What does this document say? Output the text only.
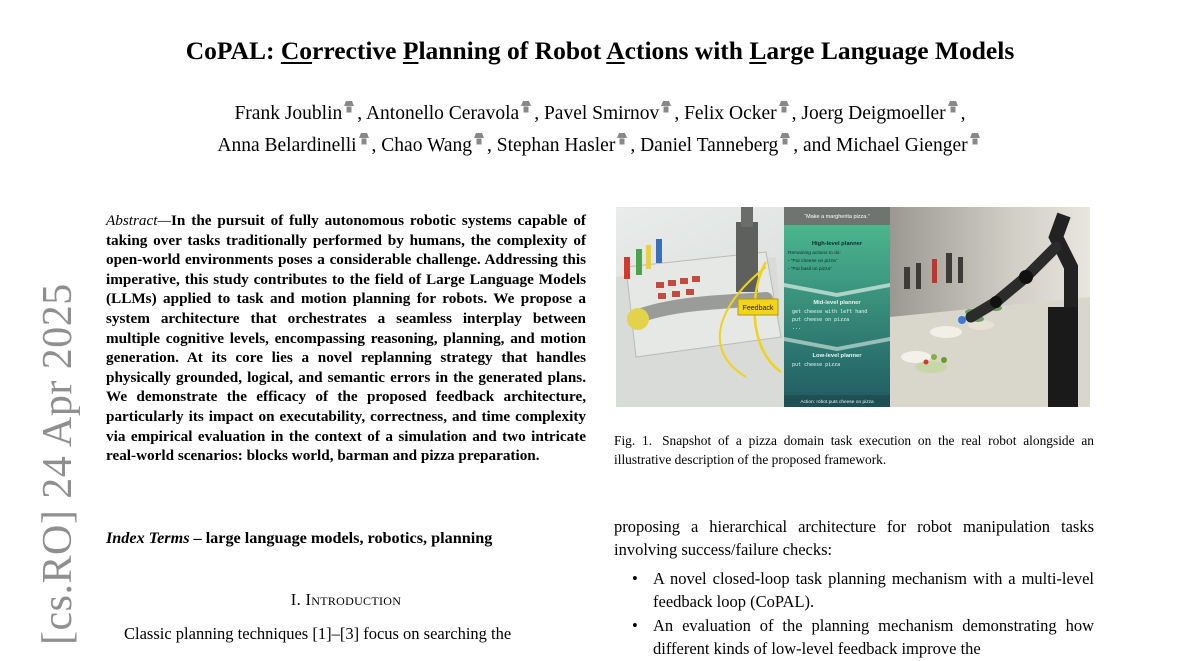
[cs.RO] 24 Apr 2025
CoPAL: Corrective Planning of Robot Actions with Large Language Models
Frank Joublin , Antonello Ceravola , Pavel Smirnov , Felix Ocker , Joerg Deigmoeller ,
Anna Belardinelli , Chao Wang , Stephan Hasler , Daniel Tanneberg , and Michael Gienger
Abstract—In the pursuit of fully autonomous robotic systems capable of taking over tasks traditionally performed by humans, the complexity of open-world environments poses a considerable challenge. Addressing this imperative, this study contributes to the field of Large Language Models (LLMs) applied to task and motion planning for robots. We propose a system architecture that orchestrates a seamless interplay between multiple cognitive levels, encompassing reasoning, planning, and motion generation. At its core lies a novel replanning strategy that handles physically grounded, logical, and semantic errors in the generated plans. We demonstrate the efficacy of the proposed feedback architecture, particularly its impact on executability, correctness, and time complexity via empirical evaluation in the context of a simulation and two intricate real-world scenarios: blocks world, barman and pizza preparation.
Index Terms – large language models, robotics, planning
I. Introduction
Classic planning techniques [1]–[3] focus on searching the
Feedback
“Make a margherita pizza.”
High-level planner
Remaining actions to do:
- “Put cheese on pizza”
- “Put basil on pizza”
Mid-level planner
get cheese with left hand
put cheese on pizza
...
Low-level planner
put cheese pizza
Action: robot puts cheese on pizza
Fig. 1. Snapshot of a pizza domain task execution on the real robot alongside an illustrative description of the proposed framework.
proposing a hierarchical architecture for robot manipulation tasks involving success/failure checks:
• A novel closed-loop task planning mechanism with a multi-level feedback loop (CoPAL).
• An evaluation of the planning mechanism demonstrating how different kinds of low-level feedback improve the
